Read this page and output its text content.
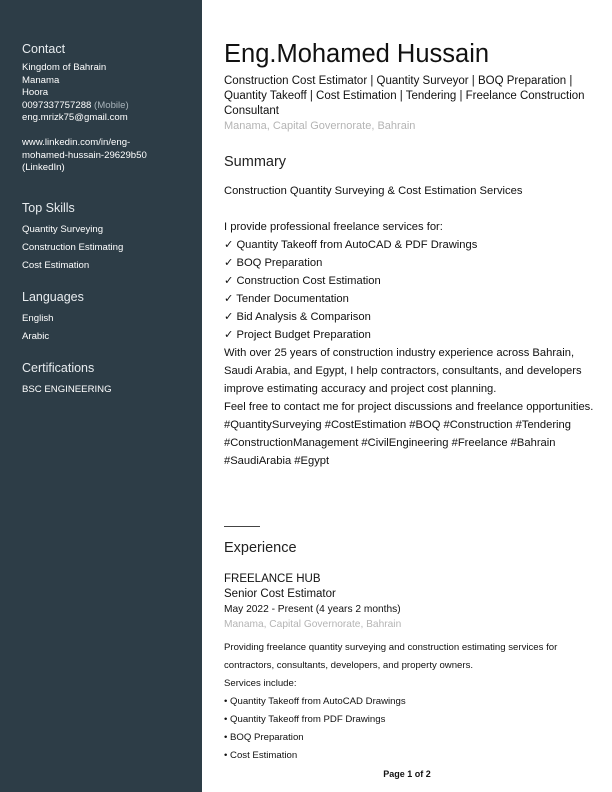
Contact
Kingdom of Bahrain
Manama
Hoora
0097337757288 (Mobile)
eng.mrizk75@gmail.com
www.linkedin.com/in/eng-
mohamed-hussain-29629b50
(LinkedIn)
Top Skills
Quantity Surveying
Construction Estimating
Cost Estimation
Languages
English
Arabic
Certifications
BSC ENGINEERING
Eng.Mohamed Hussain
Construction Cost Estimator | Quantity Surveyor | BOQ Preparation | Quantity Takeoff | Cost Estimation | Tendering | Freelance Construction Consultant
Manama, Capital Governorate, Bahrain
Summary

Construction Quantity Surveying & Cost Estimation Services

I provide professional freelance services for:

✓ Quantity Takeoff from AutoCAD & PDF Drawings

✓ BOQ Preparation

✓ Construction Cost Estimation

✓ Tender Documentation

✓ Bid Analysis & Comparison

✓ Project Budget Preparation

With over 25 years of construction industry experience across Bahrain, Saudi Arabia, and Egypt, I help contractors, consultants, and developers improve estimating accuracy and project cost planning.

Feel free to contact me for project discussions and freelance opportunities.

#QuantitySurveying #CostEstimation #BOQ #Construction #Tendering #ConstructionManagement #CivilEngineering #Freelance #Bahrain #SaudiArabia #Egypt

Experience
FREELANCE HUB
Senior Cost Estimator
May 2022 - Present (4 years 2 months)
Manama, Capital Governorate, Bahrain

Providing freelance quantity surveying and construction estimating services for contractors, consultants, developers, and property owners.

Services include:

• Quantity Takeoff from AutoCAD Drawings

• Quantity Takeoff from PDF Drawings

• BOQ Preparation

• Cost Estimation

Page 1 of 2
